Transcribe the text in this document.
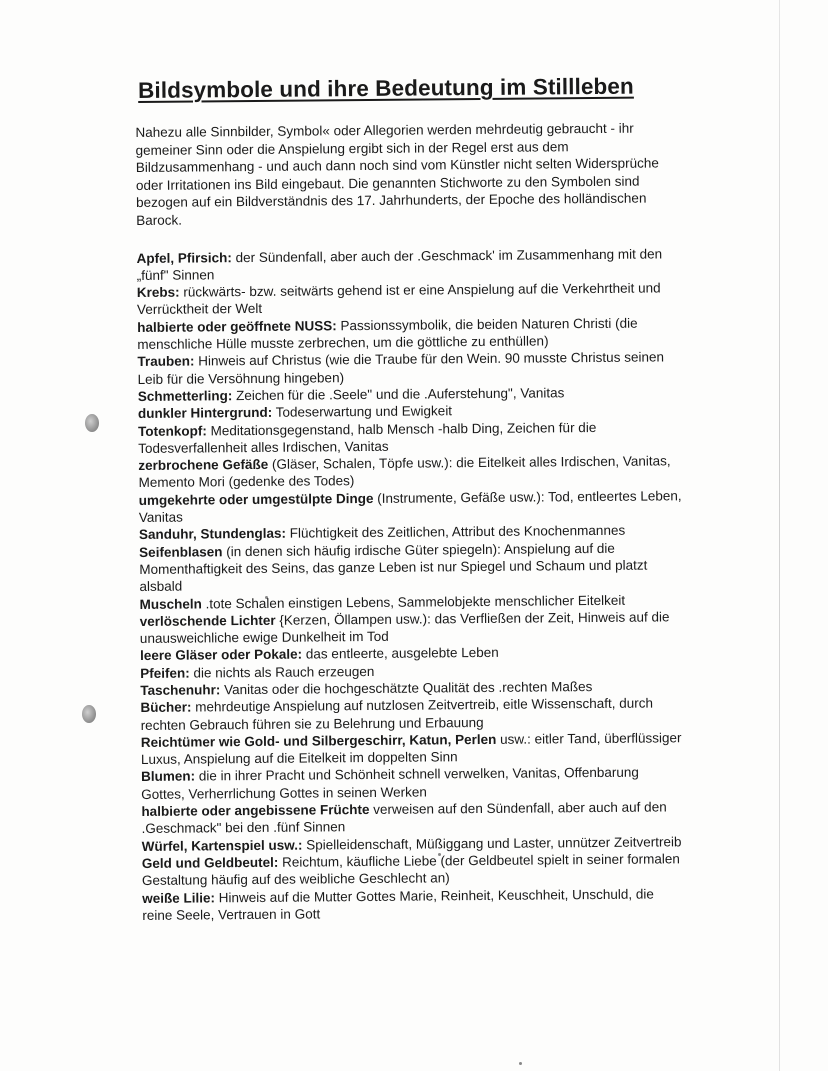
Bildsymbole und ihre Bedeutung im Stillleben

Nahezu alle Sinnbilder, Symbol« oder Allegorien werden mehrdeutig gebraucht - ihr gemeiner Sinn oder die Anspielung ergibt sich in der Regel erst aus dem Bildzusammenhang - und auch dann noch sind vom Künstler nicht selten Widersprüche oder Irritationen ins Bild eingebaut. Die genannten Stichworte zu den Symbolen sind bezogen auf ein Bildverständnis des 17. Jahrhunderts, der Epoche des holländischen Barock.

Apfel, Pfirsich: der Sündenfall, aber auch der .Geschmack' im Zusammenhang mit den „fünf" Sinnen
Krebs: rückwärts- bzw. seitwärts gehend ist er eine Anspielung auf die Verkehrtheit und Verrücktheit der Welt
halbierte oder geöffnete NUSS: Passionssymbolik, die beiden Naturen Christi (die menschliche Hülle musste zerbrechen, um die göttliche zu enthüllen)
Trauben: Hinweis auf Christus (wie die Traube für den Wein. 90 musste Christus seinen Leib für die Versöhnung hingeben)
Schmetterling: Zeichen für die .Seele" und die .Auferstehung", Vanitas
dunkler Hintergrund: Todeserwartung und Ewigkeit
Totenkopf: Meditationsgegenstand, halb Mensch -halb Ding, Zeichen für die Todesverfallenheit alles Irdischen, Vanitas
zerbrochene Gefäße (Gläser, Schalen, Töpfe usw.): die Eitelkeit alles Irdischen, Vanitas, Memento Mori (gedenke des Todes)
umgekehrte oder umgestülpte Dinge (Instrumente, Gefäße usw.): Tod, entleertes Leben, Vanitas
Sanduhr, Stundenglas: Flüchtigkeit des Zeitlichen, Attribut des Knochenmannes
Seifenblasen (in denen sich häufig irdische Güter spiegeln): Anspielung auf die Momenthaftigkeit des Seins, das ganze Leben ist nur Spiegel und Schaum und platzt alsbald
Muscheln .tote Schalen einstigen Lebens, Sammelobjekte menschlicher Eitelkeit
verlöschende Lichter {Kerzen, Öllampen usw.): das Verfließen der Zeit, Hinweis auf die unausweichliche ewige Dunkelheit im Tod
leere Gläser oder Pokale: das entleerte, ausgelebte Leben
Pfeifen: die nichts als Rauch erzeugen
Taschenuhr: Vanitas oder die hochgeschätzte Qualität des .rechten Maßes
Bücher: mehrdeutige Anspielung auf nutzlosen Zeitvertreib, eitle Wissenschaft, durch rechten Gebrauch führen sie zu Belehrung und Erbauung
Reichtümer wie Gold- und Silbergeschirr, Katun, Perlen usw.: eitler Tand, überflüssiger Luxus, Anspielung auf die Eitelkeit im doppelten Sinn
Blumen: die in ihrer Pracht und Schönheit schnell verwelken, Vanitas, Offenbarung Gottes, Verherrlichung Gottes in seinen Werken
halbierte oder angebissene Früchte verweisen auf den Sündenfall, aber auch auf den .Geschmack" bei den .fünf Sinnen
Würfel, Kartenspiel usw.: Spielleidenschaft, Müßiggang und Laster, unnützer Zeitvertreib
Geld und Geldbeutel: Reichtum, käufliche Liebe (der Geldbeutel spielt in seiner formalen Gestaltung häufig auf des weibliche Geschlecht an)
weiße Lilie: Hinweis auf die Mutter Gottes Marie, Reinheit, Keuschheit, Unschuld, die reine Seele, Vertrauen in Gott
